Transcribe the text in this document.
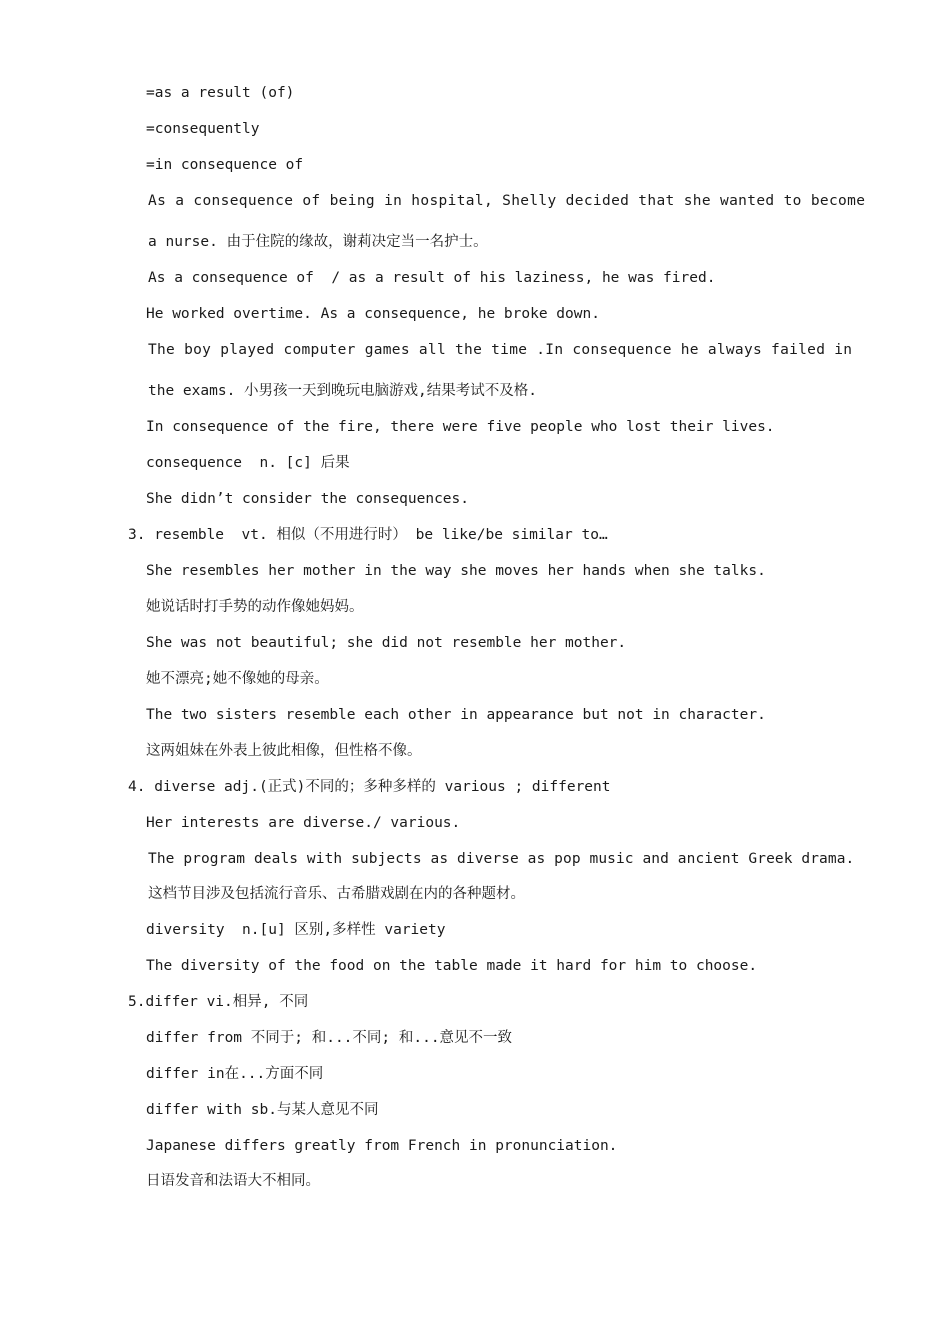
=as a result (of)
=consequently
=in consequence of
As a consequence of being in hospital, Shelly decided that she wanted to become
a nurse. 由于住院的缘故，谢莉决定当一名护士。
As a consequence of  / as a result of his laziness, he was fired.
He worked overtime. As a consequence, he broke down.
The boy played computer games all the time .In consequence he always failed in
the exams. 小男孩一天到晚玩电脑游戏,结果考试不及格.
In consequence of the fire, there were five people who lost their lives.
consequence  n. [c] 后果
She didn’t consider the consequences.
3. resemble  vt. 相似（不用进行时） be like/be similar to…
She resembles her mother in the way she moves her hands when she talks.
她说话时打手势的动作像她妈妈。
She was not beautiful; she did not resemble her mother.
她不漂亮;她不像她的母亲。
The two sisters resemble each other in appearance but not in character.
这两姐妹在外表上彼此相像，但性格不像。
4. diverse adj.(正式)不同的；多种多样的 various ; different
Her interests are diverse./ various.
The program deals with subjects as diverse as pop music and ancient Greek drama.
这档节目涉及包括流行音乐、古希腊戏剧在内的各种题材。
diversity  n.[u] 区别,多样性 variety
The diversity of the food on the table made it hard for him to choose.
5.differ vi.相异, 不同
differ from 不同于; 和...不同; 和...意见不一致
differ in在...方面不同
differ with sb.与某人意见不同
Japanese differs greatly from French in pronunciation.
日语发音和法语大不相同。
